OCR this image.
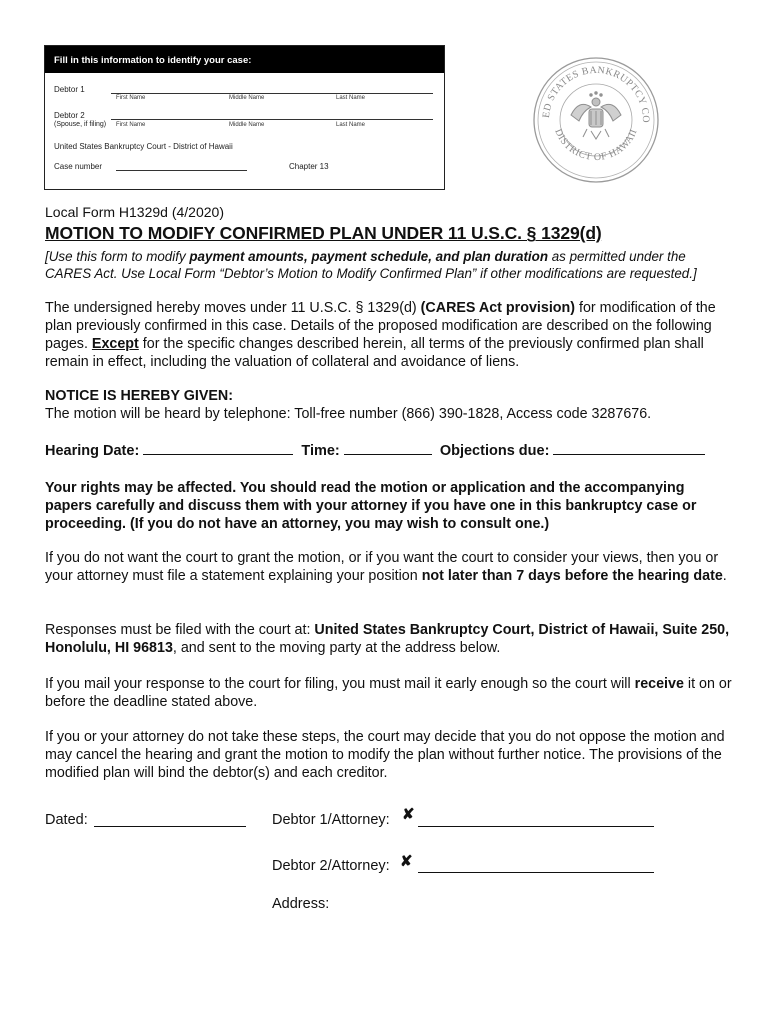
Fill in this information to identify your case:
Debtor 1
First Name	Middle Name	Last Name
Debtor 2
(Spouse, if filing) First Name	Middle Name	Last Name
United States Bankruptcy Court - District of Hawaii
Case number	Chapter 13
ED STATES BANKRUPTCY CO
DISTRICT OF HAWAII
Local Form H1329d (4/2020)
MOTION TO MODIFY CONFIRMED PLAN UNDER 11 U.S.C. § 1329(d)
[Use this form to modify payment amounts, payment schedule, and plan duration as permitted under the CARES Act. Use Local Form “Debtor’s Motion to Modify Confirmed Plan” if other modifications are requested.]
The undersigned hereby moves under 11 U.S.C. § 1329(d) (CARES Act provision) for modification of the plan previously confirmed in this case. Details of the proposed modification are described on the following pages. Except for the specific changes described herein, all terms of the previously confirmed plan shall remain in effect, including the valuation of collateral and avoidance of liens.
NOTICE IS HEREBY GIVEN:
The motion will be heard by telephone: Toll-free number (866) 390-1828, Access code 3287676.
Hearing Date:	Time:	Objections due:
Your rights may be affected. You should read the motion or application and the accompanying papers carefully and discuss them with your attorney if you have one in this bankruptcy case or proceeding. (If you do not have an attorney, you may wish to consult one.)
If you do not want the court to grant the motion, or if you want the court to consider your views, then you or your attorney must file a statement explaining your position not later than 7 days before the hearing date.
Responses must be filed with the court at: United States Bankruptcy Court, District of Hawaii, Suite 250, Honolulu, HI 96813, and sent to the moving party at the address below.
If you mail your response to the court for filing, you must mail it early enough so the court will receive it on or before the deadline stated above.
If you or your attorney do not take these steps, the court may decide that you do not oppose the motion and may cancel the hearing and grant the motion to modify the plan without further notice. The provisions of the modified plan will bind the debtor(s) and each creditor.
Dated:	Debtor 1/Attorney: ✘
Debtor 2/Attorney: ✘
Address:
